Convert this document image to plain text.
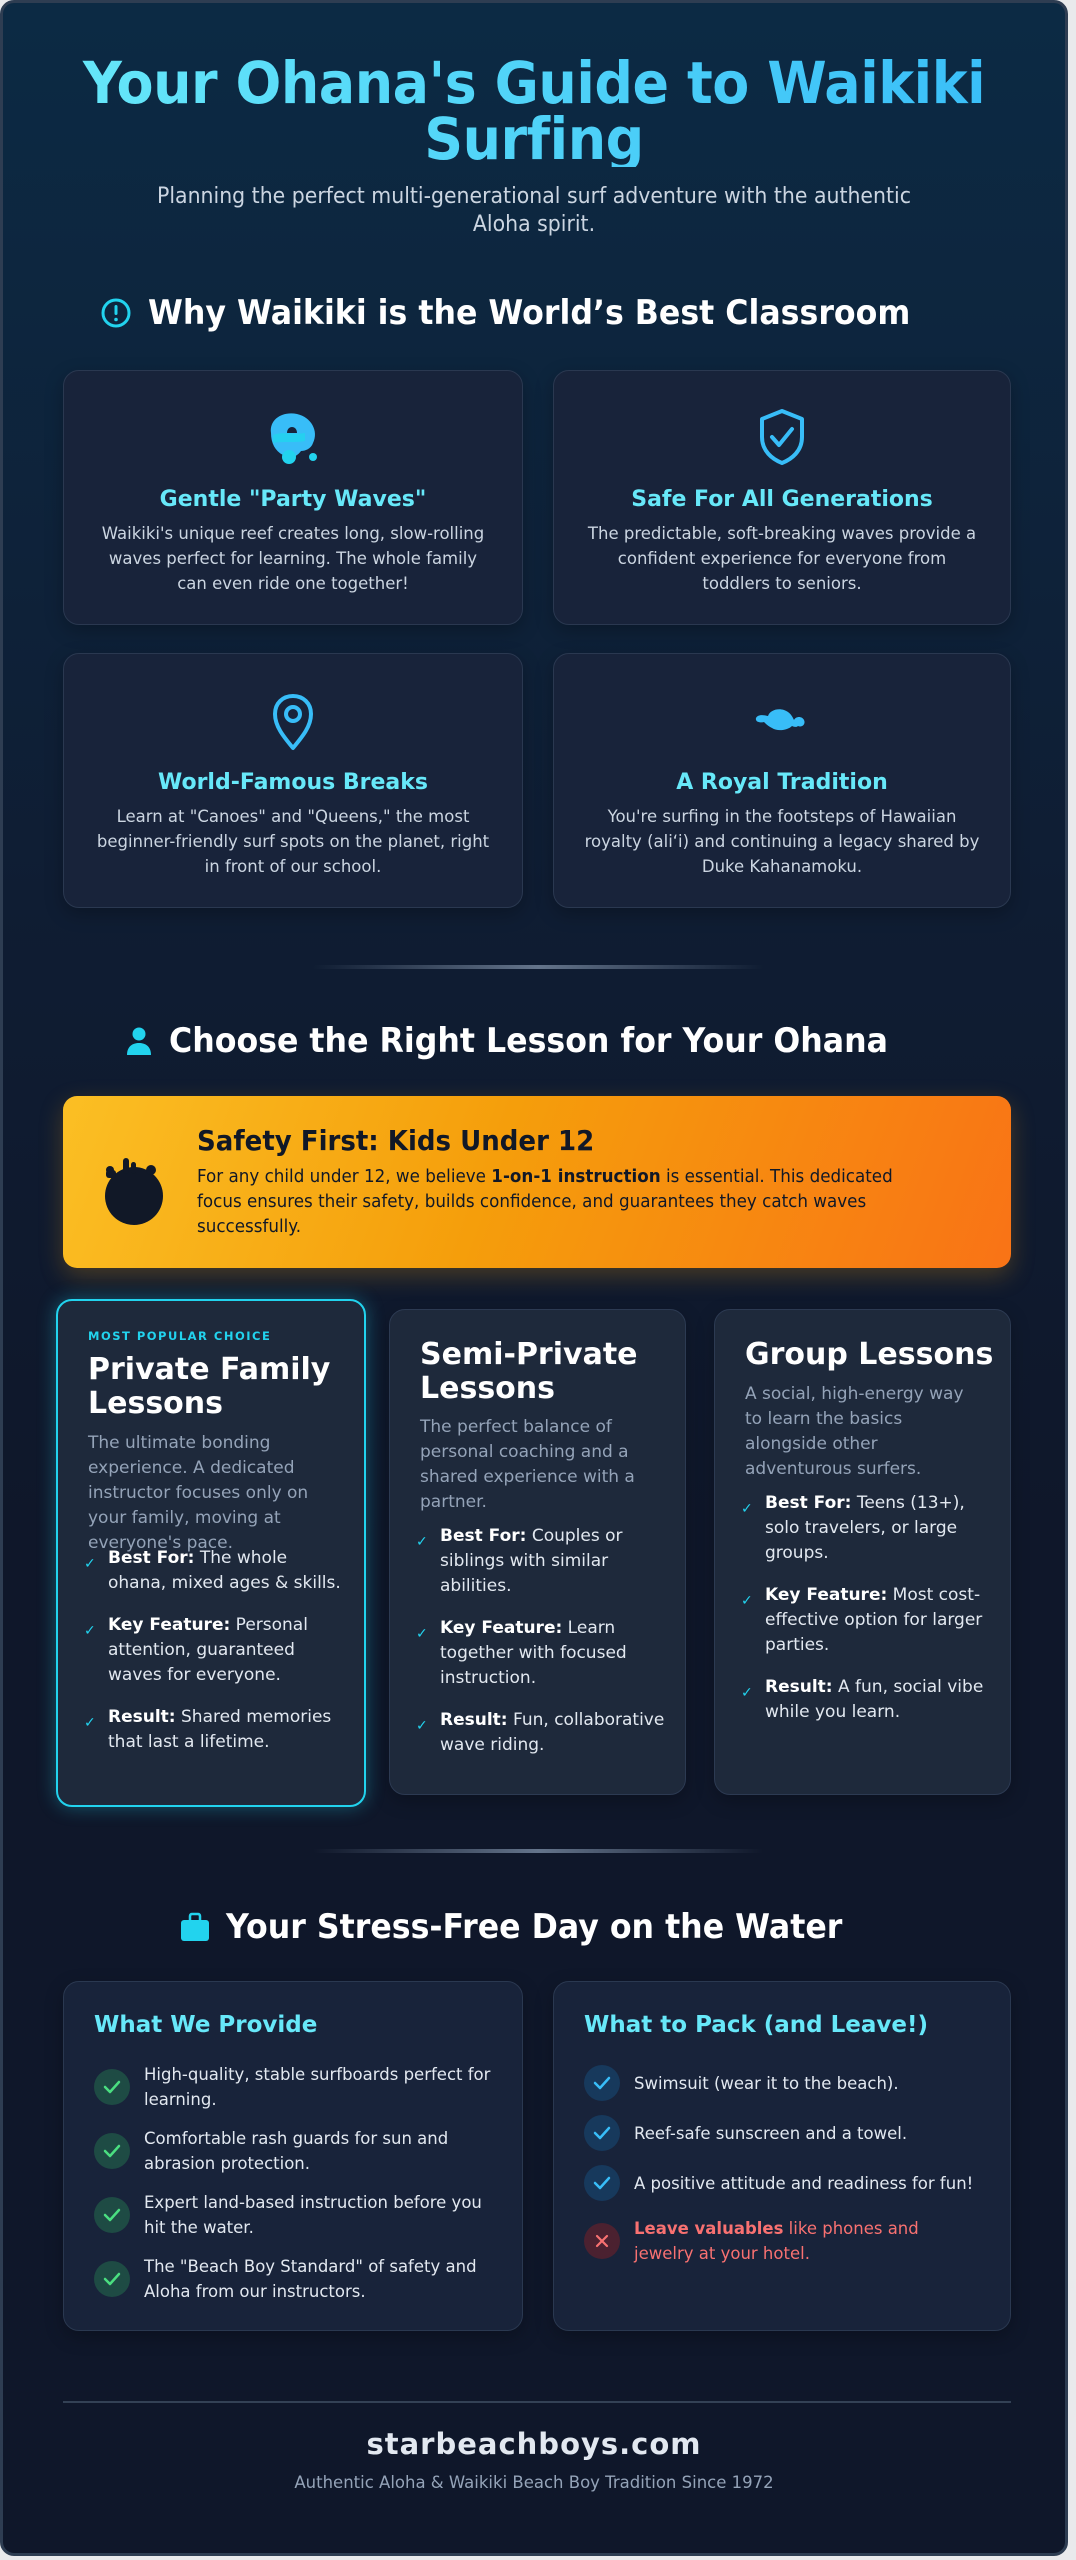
Your Ohana's Guide to Waikiki Surfing

Planning the perfect multi-generational surf adventure with the authentic Aloha spirit.

Why Waikiki is the World’s Best Classroom
Gentle "Party Waves"

Waikiki's unique reef creates long, slow-rolling waves perfect for learning. The whole family can even ride one together!

Safe For All Generations

The predictable, soft-breaking waves provide a confident experience for everyone from toddlers to seniors.

World-Famous Breaks

Learn at "Canoes" and "Queens," the most beginner-friendly surf spots on the planet, right in front of our school.

A Royal Tradition

You're surfing in the footsteps of Hawaiian royalty (ali‘i) and continuing a legacy shared by Duke Kahanamoku.

Choose the Right Lesson for Your Ohana
Safety First: Kids Under 12

For any child under 12, we believe 1-on-1 instruction is essential. This dedicated focus ensures their safety, builds confidence, and guarantees they catch waves successfully.

MOST POPULAR CHOICE
Private Family Lessons

The ultimate bonding experience. A dedicated instructor focuses only on your family, moving at everyone's pace.

✓ Best For: The whole ohana, mixed ages & skills.
✓ Key Feature: Personal attention, guaranteed waves for everyone.
✓ Result: Shared memories that last a lifetime.
Semi-Private Lessons

The perfect balance of personal coaching and a shared experience with a partner.

✓ Best For: Couples or siblings with similar abilities.
✓ Key Feature: Learn together with focused instruction.
✓ Result: Fun, collaborative wave riding.
Group Lessons

A social, high-energy way to learn the basics alongside other adventurous surfers.

✓ Best For: Teens (13+), solo travelers, or large groups.
✓ Key Feature: Most cost-effective option for larger parties.
✓ Result: A fun, social vibe while you learn.
Your Stress-Free Day on the Water
What We Provide
High-quality, stable surfboards perfect for learning.
Comfortable rash guards for sun and abrasion protection.
Expert land-based instruction before you hit the water.
The "Beach Boy Standard" of safety and Aloha from our instructors.
What to Pack (and Leave!)
Swimsuit (wear it to the beach).
Reef-safe sunscreen and a towel.
A positive attitude and readiness for fun!
Leave valuables like phones and jewelry at your hotel.
starbeachboys.com
Authentic Aloha & Waikiki Beach Boy Tradition Since 1972
